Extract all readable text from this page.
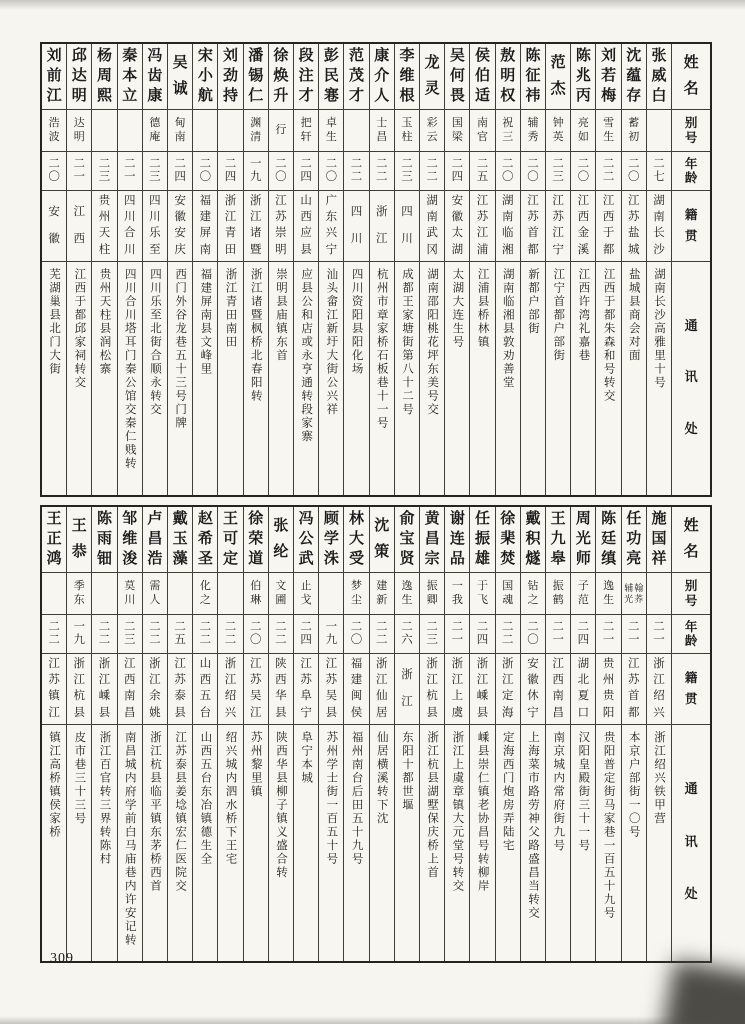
刘
前
江
浩
波
二
〇
安
徽
芜湖巢县北门大街
邱
达
明
达
明
二
一
江
西
江西于都邱家祠转交
杨
周
熙
二
三
贵
州
天
柱
贵州天柱县润松寨
秦
本
立
二
一
四
川
合
川
四川合川塔耳门秦公馆交秦仁贱转
冯
齿
康
德
庵
二
三
四
川
乐
至
四川乐至北街合顺永转交
吴
诚
甸
南
二
四
安
徽
安
庆
西门外谷龙巷五十三号门牌
宋
小
航
二
〇
福
建
屏
南
福建屏南县文峰里
刘
劲
持
二
四
浙
江
青
田
浙江青田南田
潘
锡
仁
渊
清
一
九
浙
江
诸
暨
浙江诸暨枫桥北春阳转
徐
焕
升
行
二
〇
江
苏
崇
明
崇明县庙镇东首
段
注
才
把
轩
二
四
山
西
应
县
应县公和店或永亨通转段家寨
彭
民
寋
卓
生
二
〇
广
东
兴
宁
汕头畲江新圩大街公兴祥
范
茂
才
二
二
四
川
四川资阳县阳化场
康
介
人
士
昌
二
二
浙
江
杭州市章家桥石板巷十一号
李
维
根
玉
柱
二
三
四
川
成都王家塘街第八十二号
龙
灵
彩
云
二
二
湖
南
武
冈
湖南邵阳桃花坪东美号交
吴
何
畏
国
梁
二
四
安
徽
太
湖
太湖大连生号
侯
伯
适
南
官
二
五
江
苏
江
浦
江浦县桥林镇
敖
明
权
祝
三
二
〇
湖
南
临
湘
湖南临湘县敦劝善堂
陈
征
祎
辅
秀
二
〇
江
苏
首
都
新都户部街
范
杰
钟
英
二
三
江
苏
江
宁
江宁首都户部街
陈
兆
丙
亮
如
二
〇
江
西
金
溪
江西许湾礼嘉巷
刘
若
梅
雪
生
二
二
江
西
于
都
江西于都朱森和号转交
沈
蕴
存
蓄
初
二
〇
江
苏
盐
城
盐城县商会对面
张
威
白
二
七
湖
南
长
沙
湖南长沙高雅里十号
姓
名
别
号
年
龄
籍
贯
通
讯
处
王
正
鸿
二
二
江
苏
镇
江
镇江高桥镇侯家桥
王
恭
季
东
一
九
浙
江
杭
县
皮市巷三十三号
陈
雨
钿
二
二
浙
江
嵊
县
浙江百官转三界转陈村
邹
维
浚
莫
川
二
三
江
西
南
昌
南昌城内府学前白马庙巷内许安记转
卢
昌
浩
需
人
二
二
浙
江
余
姚
浙江杭县临平镇东茅桥西首
戴
玉
藻
二
五
江
苏
泰
县
江苏泰县姜埝镇宏仁医院交
赵
希
圣
化
之
二
二
山
西
五
台
山西五台东冶镇德生全
王
可
定
二
二
浙
江
绍
兴
绍兴城内泗水桥下王宅
徐
荣
道
伯
琳
二
〇
江
苏
吴
江
苏州黎里镇
张
纶
文
圃
二
二
陕
西
华
县
陕西华县柳子镇义盛合转
冯
公
武
止
戈
二
四
江
苏
阜
宁
阜宁本城
顾
学
洙
一
九
江
苏
吴
县
苏州学士街一百五十号
林
大
受
梦
尘
二
〇
福
建
闽
侯
福州南台后田五十九号
沈
策
建
新
二
二
浙
江
仙
居
仙居横溪转下沈
俞
宝
贤
逸
生
二
六
浙
江
东阳十都世塸
黄
昌
宗
振
卿
二
三
浙
江
杭
县
浙江杭县湖墅保庆桥上首
谢
连
品
一
我
二
一
浙
江
上
虞
浙江上虞章镇大元堂号转交
任
振
雄
于
飞
二
四
浙
江
嵊
县
嵊县崇仁镇老协昌号转柳岸
徐
棐
焚
国
魂
二
二
浙
江
定
海
定海西门炮房弄陆宅
戴
积
燧
钻
之
二
〇
安
徽
休
宁
上海菜市路劳神父路盛昌当转交
王
九
皋
振
鹤
二
一
江
西
南
昌
南京城内常府街九号
周
光
师
子
范
二
四
湖
北
夏
口
汉阳皇殿街三十一号
陈
廷
缜
逸
生
二
一
贵
州
贵
阳
贵阳普定街马家巷一百五十九号
任
功
亮
翰
荞
辅
光
二
一
江
苏
首
都
本京户部街一〇号
施
国
祥
二
一
浙
江
绍
兴
浙江绍兴铁甲营
姓
名
别
号
年
龄
籍
贯
通
讯
处
309
